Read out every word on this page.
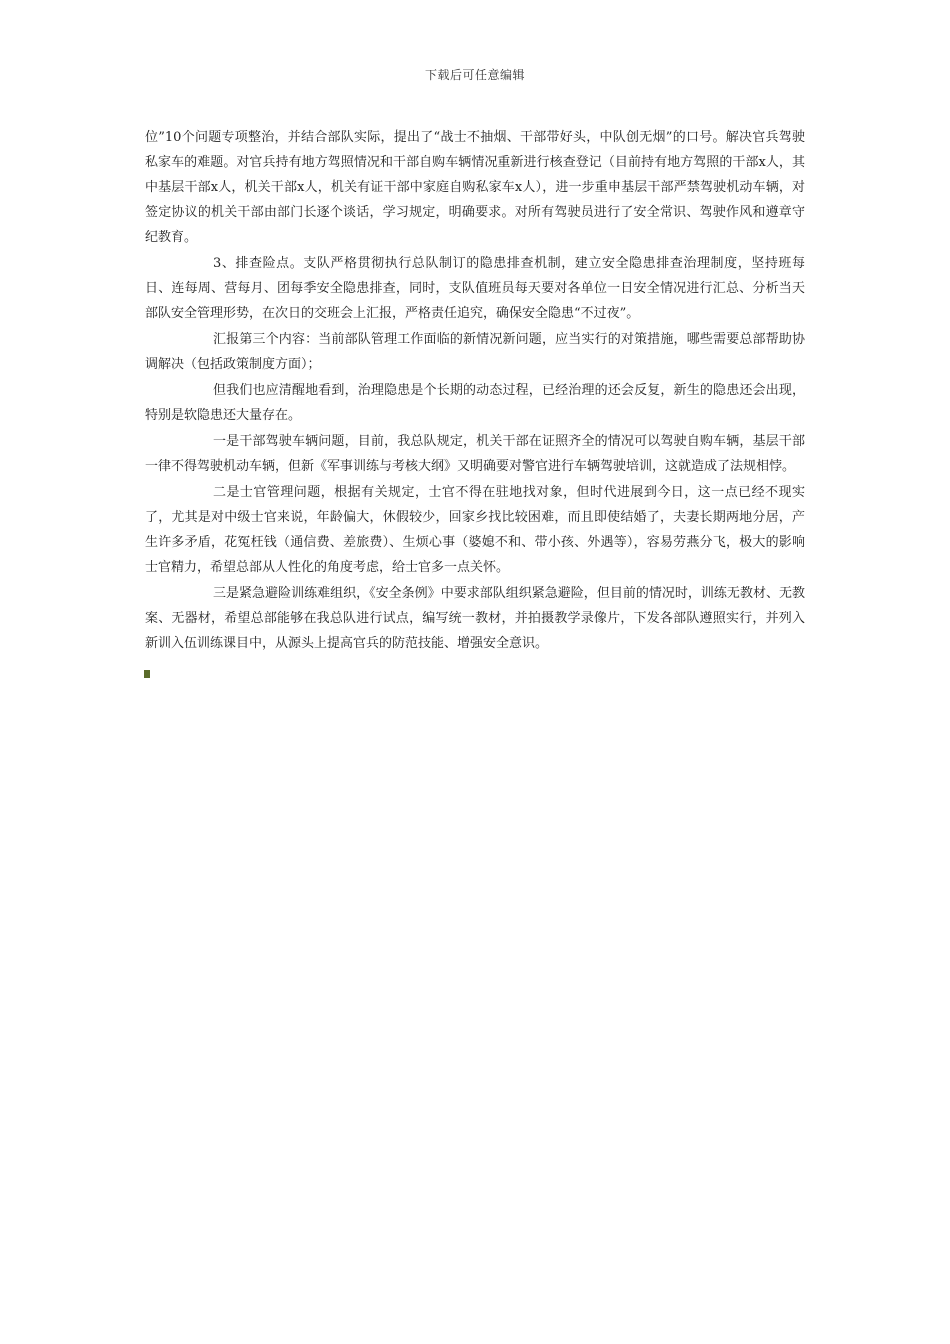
下载后可任意编辑

位”10个问题专项整治，并结合部队实际，提出了“战士不抽烟、干部带好头，中队创无烟”的口号。解决官兵驾驶私家车的难题。对官兵持有地方驾照情况和干部自购车辆情况重新进行核查登记（目前持有地方驾照的干部x人，其中基层干部x人，机关干部x人，机关有证干部中家庭自购私家车x人），进一步重申基层干部严禁驾驶机动车辆，对签定协议的机关干部由部门长逐个谈话，学习规定，明确要求。对所有驾驶员进行了安全常识、驾驶作风和遵章守纪教育。

3、排查险点。支队严格贯彻执行总队制订的隐患排查机制，建立安全隐患排查治理制度，坚持班每日、连每周、营每月、团每季安全隐患排查，同时，支队值班员每天要对各单位一日安全情况进行汇总、分析当天部队安全管理形势，在次日的交班会上汇报，严格责任追究，确保安全隐患“不过夜”。

汇报第三个内容：当前部队管理工作面临的新情况新问题，应当实行的对策措施，哪些需要总部帮助协调解决（包括政策制度方面）；

但我们也应清醒地看到，治理隐患是个长期的动态过程，已经治理的还会反复，新生的隐患还会出现，特别是软隐患还大量存在。

一是干部驾驶车辆问题，目前，我总队规定，机关干部在证照齐全的情况可以驾驶自购车辆，基层干部一律不得驾驶机动车辆，但新《军事训练与考核大纲》又明确要对警官进行车辆驾驶培训，这就造成了法规相悖。

二是士官管理问题，根据有关规定，士官不得在驻地找对象，但时代进展到今日，这一点已经不现实了，尤其是对中级士官来说，年龄偏大，休假较少，回家乡找比较困难，而且即使结婚了，夫妻长期两地分居，产生许多矛盾，花冤枉钱（通信费、差旅费）、生烦心事（婆媳不和、带小孩、外遇等），容易劳燕分飞，极大的影响士官精力，希望总部从人性化的角度考虑，给士官多一点关怀。

三是紧急避险训练难组织，《安全条例》中要求部队组织紧急避险，但目前的情况时，训练无教材、无教案、无器材，希望总部能够在我总队进行试点，编写统一教材，并拍摄教学录像片，下发各部队遵照实行，并列入新训入伍训练课目中，从源头上提高官兵的防范技能、增强安全意识。
